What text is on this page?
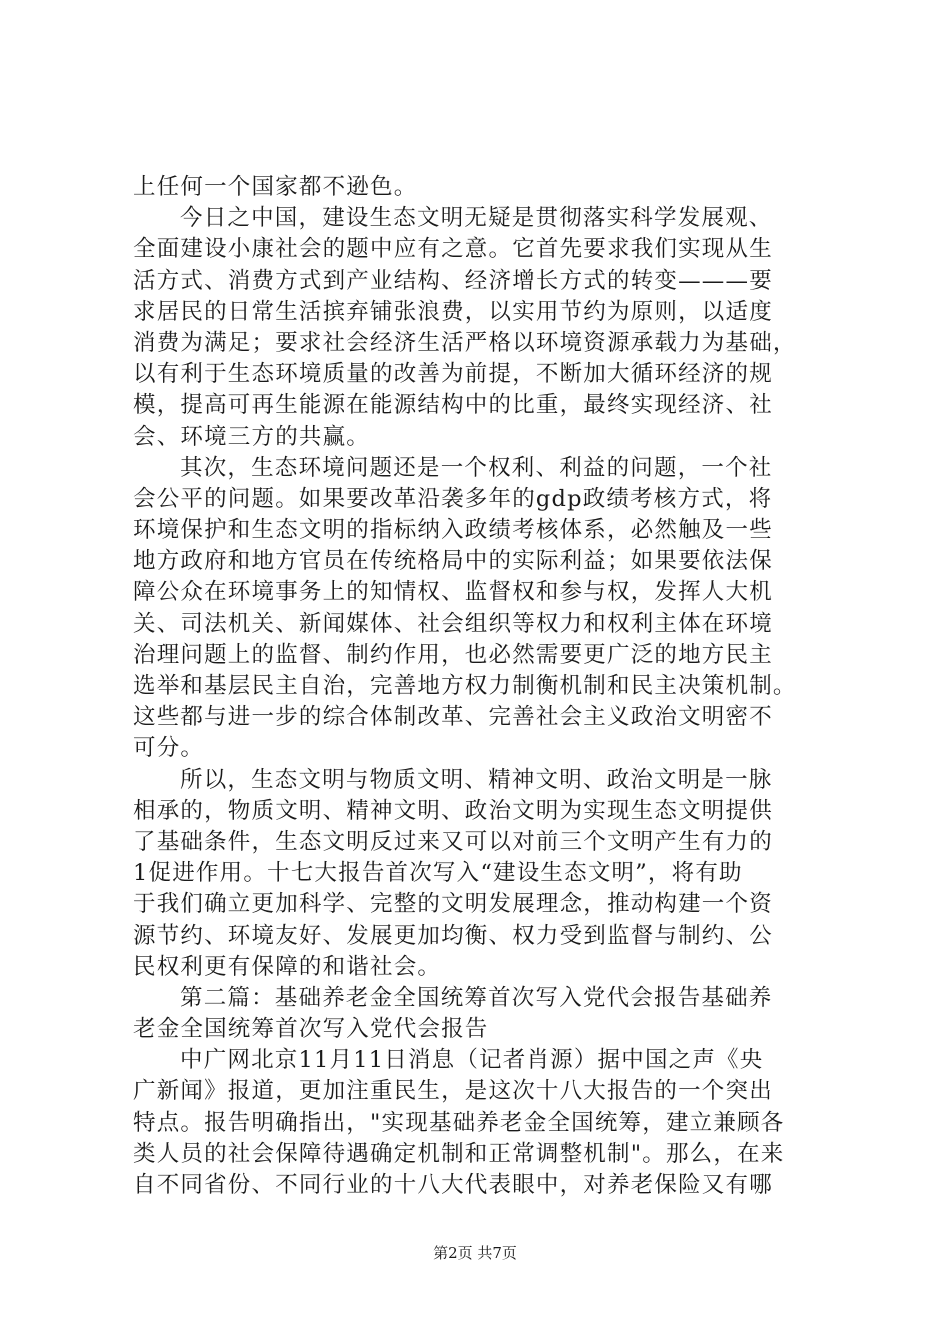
上任何一个国家都不逊色。
今日之中国，建设生态文明无疑是贯彻落实科学发展观、
全面建设小康社会的题中应有之意。它首先要求我们实现从生
活方式、消费方式到产业结构、经济增长方式的转变———要
求居民的日常生活摈弃铺张浪费，以实用节约为原则，以适度
消费为满足；要求社会经济生活严格以环境资源承载力为基础，
以有利于生态环境质量的改善为前提，不断加大循环经济的规
模，提高可再生能源在能源结构中的比重，最终实现经济、社
会、环境三方的共赢。
其次，生态环境问题还是一个权利、利益的问题，一个社
会公平的问题。如果要改革沿袭多年的gdp政绩考核方式，将
环境保护和生态文明的指标纳入政绩考核体系，必然触及一些
地方政府和地方官员在传统格局中的实际利益；如果要依法保
障公众在环境事务上的知情权、监督权和参与权，发挥人大机
关、司法机关、新闻媒体、社会组织等权力和权利主体在环境
治理问题上的监督、制约作用，也必然需要更广泛的地方民主
选举和基层民主自治，完善地方权力制衡机制和民主决策机制。
这些都与进一步的综合体制改革、完善社会主义政治文明密不
可分。
所以，生态文明与物质文明、精神文明、政治文明是一脉
相承的，物质文明、精神文明、政治文明为实现生态文明提供
了基础条件，生态文明反过来又可以对前三个文明产生有力的
1促进作用。十七大报告首次写入“建设生态文明”，将有助
于我们确立更加科学、完整的文明发展理念，推动构建一个资
源节约、环境友好、发展更加均衡、权力受到监督与制约、公
民权利更有保障的和谐社会。
第二篇：基础养老金全国统筹首次写入党代会报告基础养
老金全国统筹首次写入党代会报告
中广网北京11月11日消息（记者肖源）据中国之声《央
广新闻》报道，更加注重民生，是这次十八大报告的一个突出
特点。报告明确指出，"实现基础养老金全国统筹，建立兼顾各
类人员的社会保障待遇确定机制和正常调整机制"。那么，在来
自不同省份、不同行业的十八大代表眼中，对养老保险又有哪
第2页 共7页
